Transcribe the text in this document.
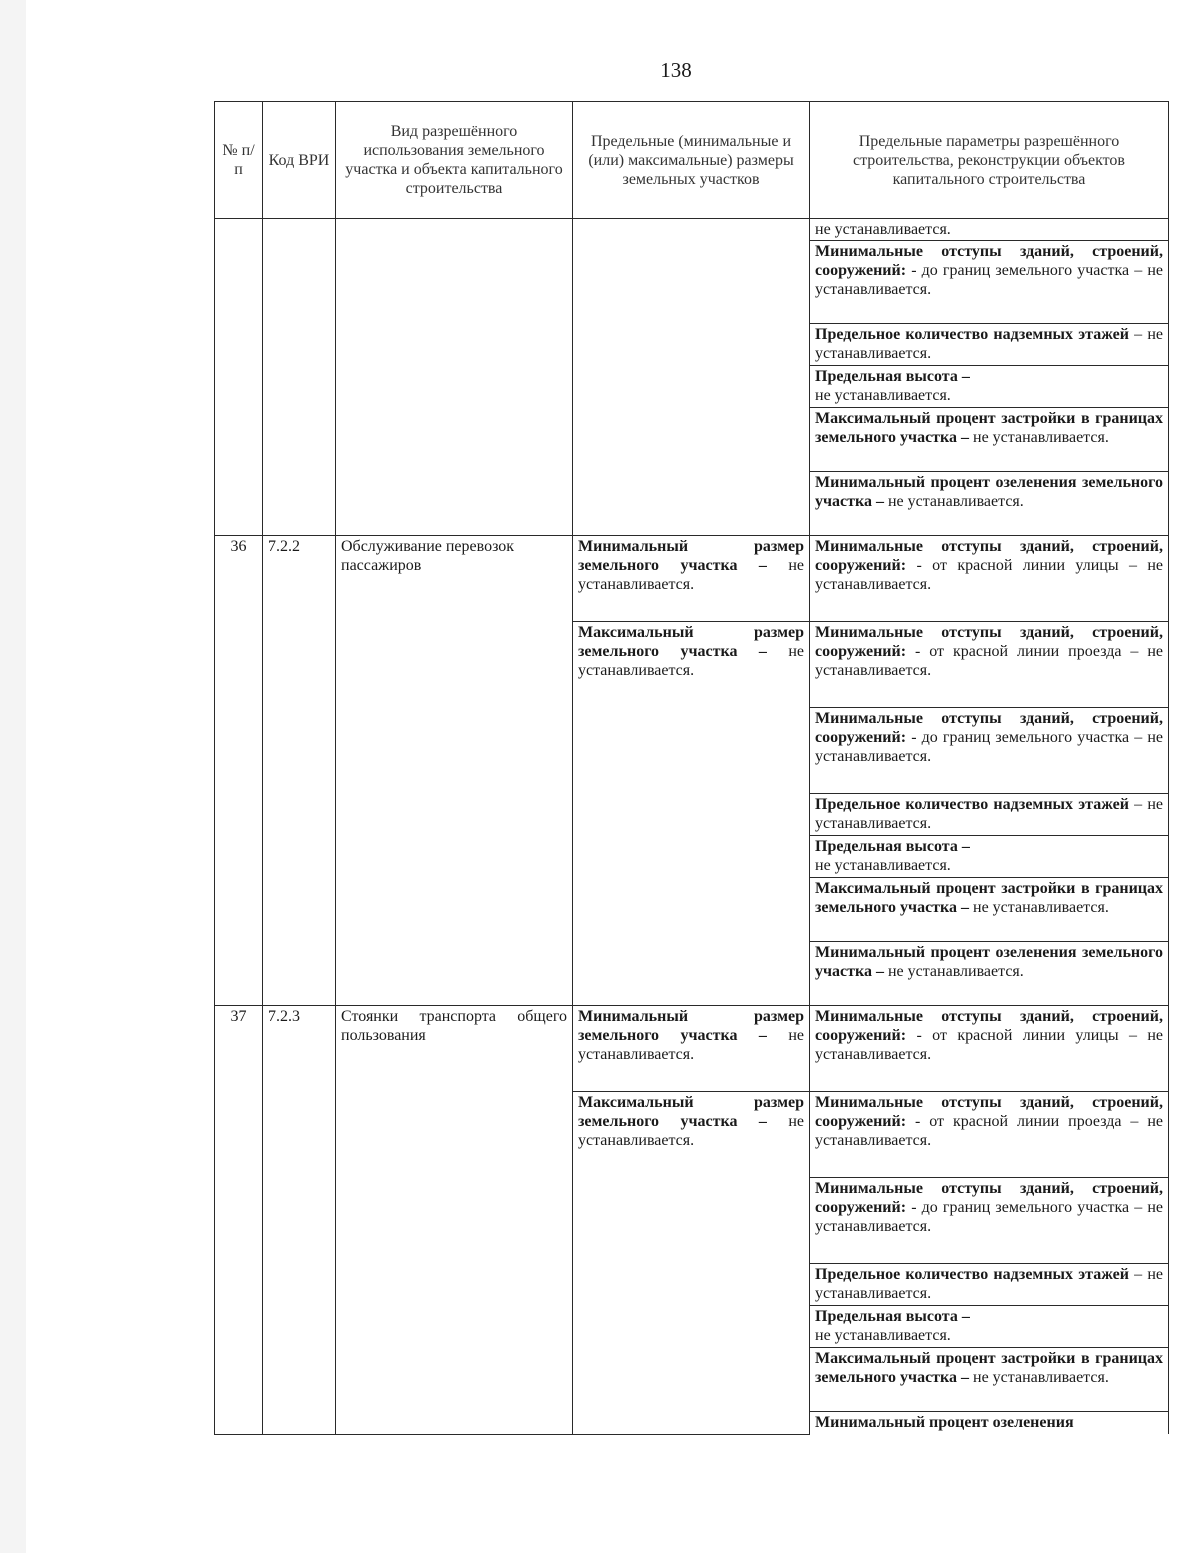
138
№ п/п	Код ВРИ	Вид разрешённого использования земельного участка и объекта капитального строительства	Предельные (минимальные и (или) максимальные) размеры земельных участков	Предельные параметры разрешённого строительства, реконструкции объектов капитального строительства
				не устанавливается.
				Минимальные отступы зданий, строений, сооружений: - до границ земельного участка – не устанавливается.
				Предельное количество надземных этажей – не устанавливается.
				Предельная высота –
не устанавливается.
				Максимальный процент застройки в границах земельного участка – не устанавливается.
				Минимальный процент озеленения земельного участка – не устанавливается.
36	7.2.2	Обслуживание перевозок пассажиров	Минимальный размер земельного участка – не устанавливается.	Минимальные отступы зданий, строений, сооружений: - от красной линии улицы – не устанавливается.
			Максимальный размер земельного участка – не устанавливается.	Минимальные отступы зданий, строений, сооружений: - от красной линии проезда – не устанавливается.
				Минимальные отступы зданий, строений, сооружений: - до границ земельного участка – не устанавливается.
				Предельное количество надземных этажей – не устанавливается.
				Предельная высота –
не устанавливается.
				Максимальный процент застройки в границах земельного участка – не устанавливается.
				Минимальный процент озеленения земельного участка – не устанавливается.
37	7.2.3	Стоянки транспорта общего пользования	Минимальный размер земельного участка – не устанавливается.	Минимальные отступы зданий, строений, сооружений: - от красной линии улицы – не устанавливается.
			Максимальный размер земельного участка – не устанавливается.	Минимальные отступы зданий, строений, сооружений: - от красной линии проезда – не устанавливается.
				Минимальные отступы зданий, строений, сооружений: - до границ земельного участка – не устанавливается.
				Предельное количество надземных этажей – не устанавливается.
				Предельная высота –
не устанавливается.
				Максимальный процент застройки в границах земельного участка – не устанавливается.
				Минимальный процент озеленения
